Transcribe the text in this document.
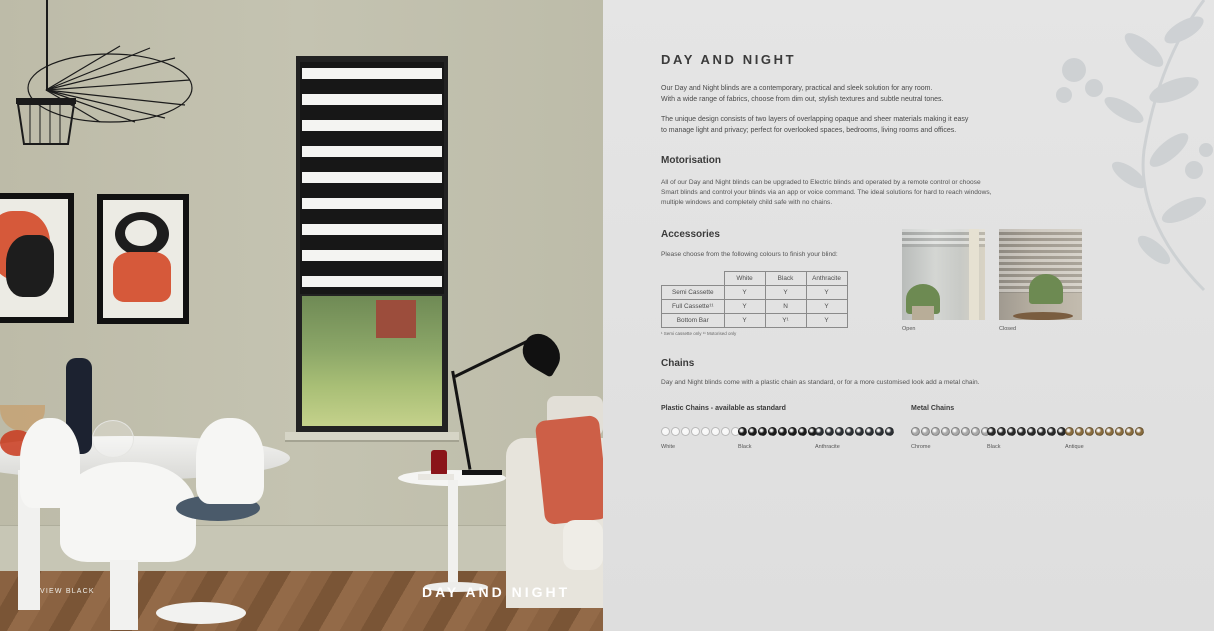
VIEW BLACK	DAY AND NIGHT
DAY AND NIGHT
Our Day and Night blinds are a contemporary, practical and sleek solution for any room.
With a wide range of fabrics, choose from dim out, stylish textures and subtle neutral tones.
The unique design consists of two layers of overlapping opaque and sheer materials making it easy
to manage light and privacy; perfect for overlooked spaces, bedrooms, living rooms and offices.
Motorisation
All of our Day and Night blinds can be upgraded to Electric blinds and operated by a remote control or choose
Smart blinds and control your blinds via an app or voice command. The ideal solutions for hard to reach windows,
multiple windows and completely child safe with no chains.
Accessories
Please choose from the following colours to finish your blind:
	White	Black	Anthracite
Semi Cassette	Y	Y	Y
Full Cassette¹¹	Y	N	Y
Bottom Bar	Y	Y¹	Y
¹ Semi cassette only ¹¹ Motorised only
Open	Closed
Chains
Day and Night blinds come with a plastic chain as standard, or for a more customised look add a metal chain.
Plastic Chains - available as standard	Metal Chains
White	Black	Anthracite	Chrome	Black	Antique
